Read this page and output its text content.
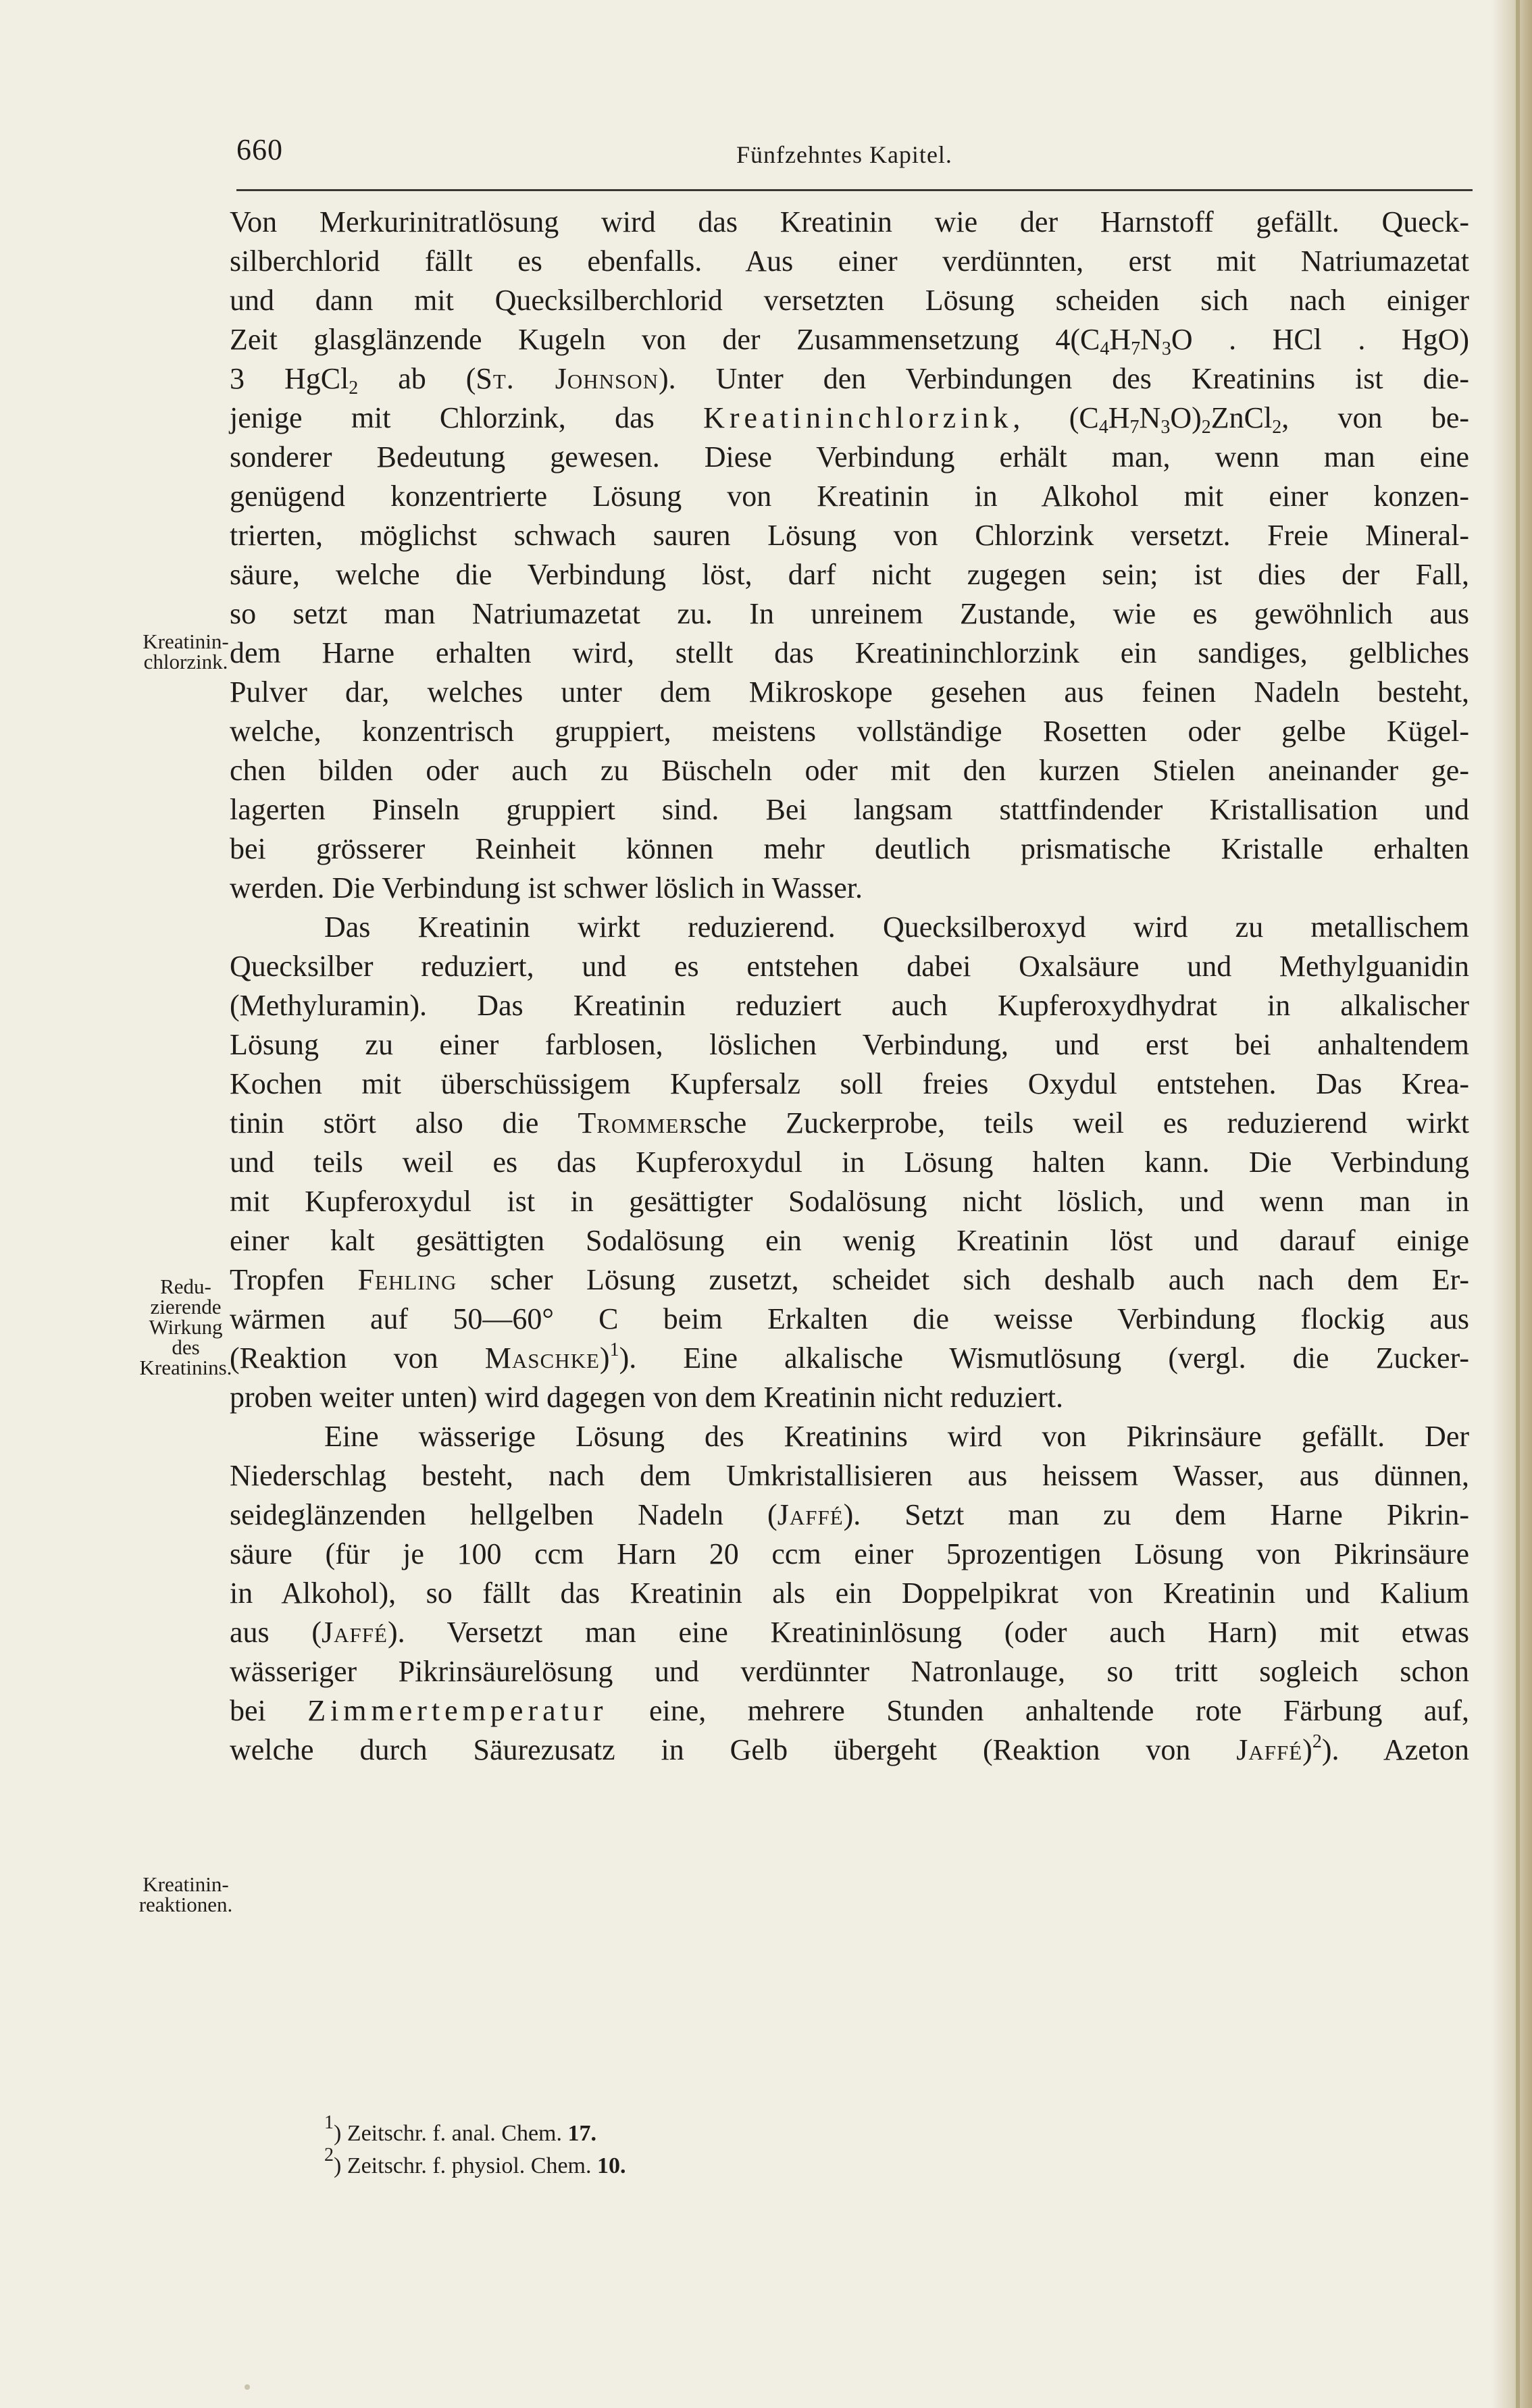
660	Fünfzehntes Kapitel.
Kreatinin-
chlorzink.
Redu-
zierende
Wirkung
des
Kreatinins.
Kreatinin-
reaktionen.
Von Merkurinitratlösung wird das Kreatinin wie der Harnstoff gefällt. Queck-
silberchlorid fällt es ebenfalls. Aus einer verdünnten, erst mit Natriumazetat
und dann mit Quecksilberchlorid versetzten Lösung scheiden sich nach einiger
Zeit glasglänzende Kugeln von der Zusammensetzung $4(C_4H_7N_3O$ . HCl . HgO)
3 HgCl$_2$ ab (St. Johnson). Unter den Verbindungen des Kreatinins ist die-
jenige mit Chlorzink, das Kreatininchlorzink, $(C_4H_7N_3O)_2ZnCl_2$, von be-
sonderer Bedeutung gewesen. Diese Verbindung erhält man, wenn man eine
genügend konzentrierte Lösung von Kreatinin in Alkohol mit einer konzen-
trierten, möglichst schwach sauren Lösung von Chlorzink versetzt. Freie Mineral-
säure, welche die Verbindung löst, darf nicht zugegen sein; ist dies der Fall,
so setzt man Natriumazetat zu. In unreinem Zustande, wie es gewöhnlich aus
dem Harne erhalten wird, stellt das Kreatininchlorzink ein sandiges, gelbliches
Pulver dar, welches unter dem Mikroskope gesehen aus feinen Nadeln besteht,
welche, konzentrisch gruppiert, meistens vollständige Rosetten oder gelbe Kügel-
chen bilden oder auch zu Büscheln oder mit den kurzen Stielen aneinander ge-
lagerten Pinseln gruppiert sind. Bei langsam stattfindender Kristallisation und
bei grösserer Reinheit können mehr deutlich prismatische Kristalle erhalten
werden. Die Verbindung ist schwer löslich in Wasser.
Das Kreatinin wirkt reduzierend. Quecksilberoxyd wird zu metallischem
Quecksilber reduziert, und es entstehen dabei Oxalsäure und Methylguanidin
(Methyluramin). Das Kreatinin reduziert auch Kupferoxydhydrat in alkalischer
Lösung zu einer farblosen, löslichen Verbindung, und erst bei anhaltendem
Kochen mit überschüssigem Kupfersalz soll freies Oxydul entstehen. Das Krea-
tinin stört also die Trommersche Zuckerprobe, teils weil es reduzierend wirkt
und teils weil es das Kupferoxydul in Lösung halten kann. Die Verbindung
mit Kupferoxydul ist in gesättigter Sodalösung nicht löslich, und wenn man in
einer kalt gesättigten Sodalösung ein wenig Kreatinin löst und darauf einige
Tropfen Fehling scher Lösung zusetzt, scheidet sich deshalb auch nach dem Er-
wärmen auf 50—60° C beim Erkalten die weisse Verbindung flockig aus
(Reaktion von Maschke)$^1$). Eine alkalische Wismutlösung (vergl. die Zucker-
proben weiter unten) wird dagegen von dem Kreatinin nicht reduziert.
Eine wässerige Lösung des Kreatinins wird von Pikrinsäure gefällt. Der
Niederschlag besteht, nach dem Umkristallisieren aus heissem Wasser, aus dünnen,
seideglänzenden hellgelben Nadeln (Jaffé). Setzt man zu dem Harne Pikrin-
säure (für je 100 ccm Harn 20 ccm einer 5prozentigen Lösung von Pikrinsäure
in Alkohol), so fällt das Kreatinin als ein Doppelpikrat von Kreatinin und Kalium
aus (Jaffé). Versetzt man eine Kreatininlösung (oder auch Harn) mit etwas
wässeriger Pikrinsäurelösung und verdünnter Natronlauge, so tritt sogleich schon
bei Zimmertemperatur eine, mehrere Stunden anhaltende rote Färbung auf,
welche durch Säurezusatz in Gelb übergeht (Reaktion von Jaffé)$^2$). Azeton
$^1$) Zeitschr. f. anal. Chem. 17.
$^2$) Zeitschr. f. physiol. Chem. 10.
